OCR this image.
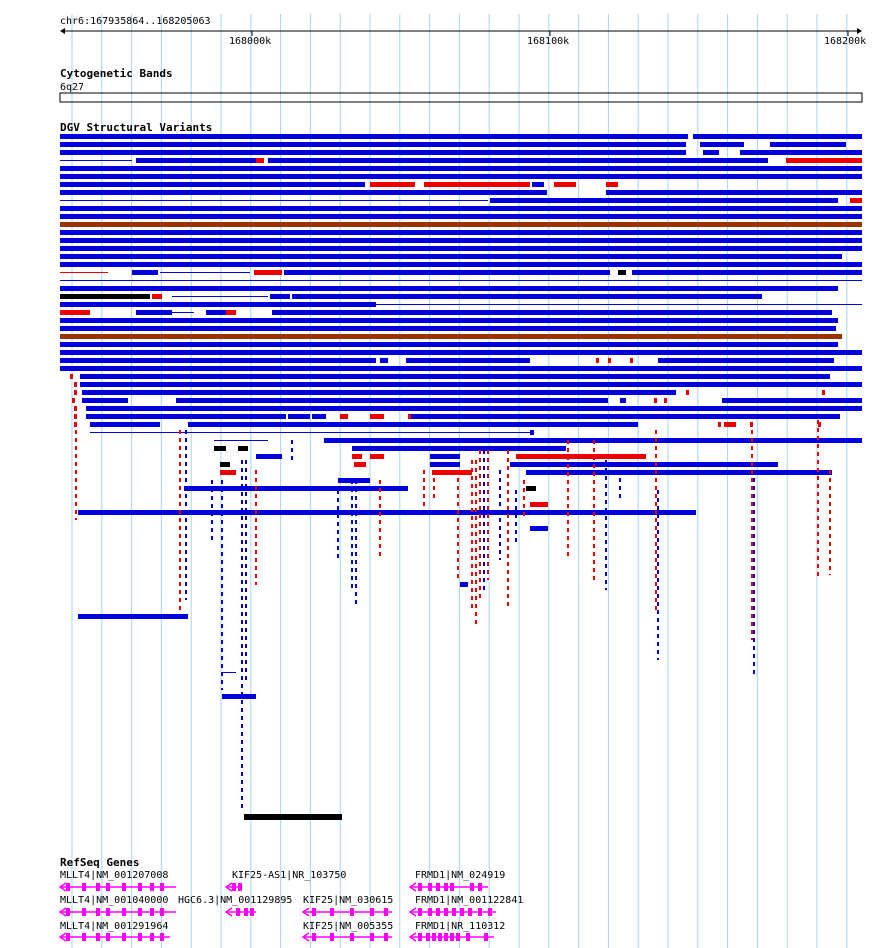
chr6:167935864..168205063
168000k	168100k	168200k
Cytogenetic Bands
6q27
DGV Structural Variants
RefSeq Genes
MLLT4|NM_001207008	KIF25-AS1|NR_103750	FRMD1|NM_024919
MLLT4|NM_001040000 HGC6.3|NM_001129895 KIF25|NM_030615 FRMD1|NM_001122841
MLLT4|NM_001291964	KIF25|NM_005355 FRMD1|NR_110312
